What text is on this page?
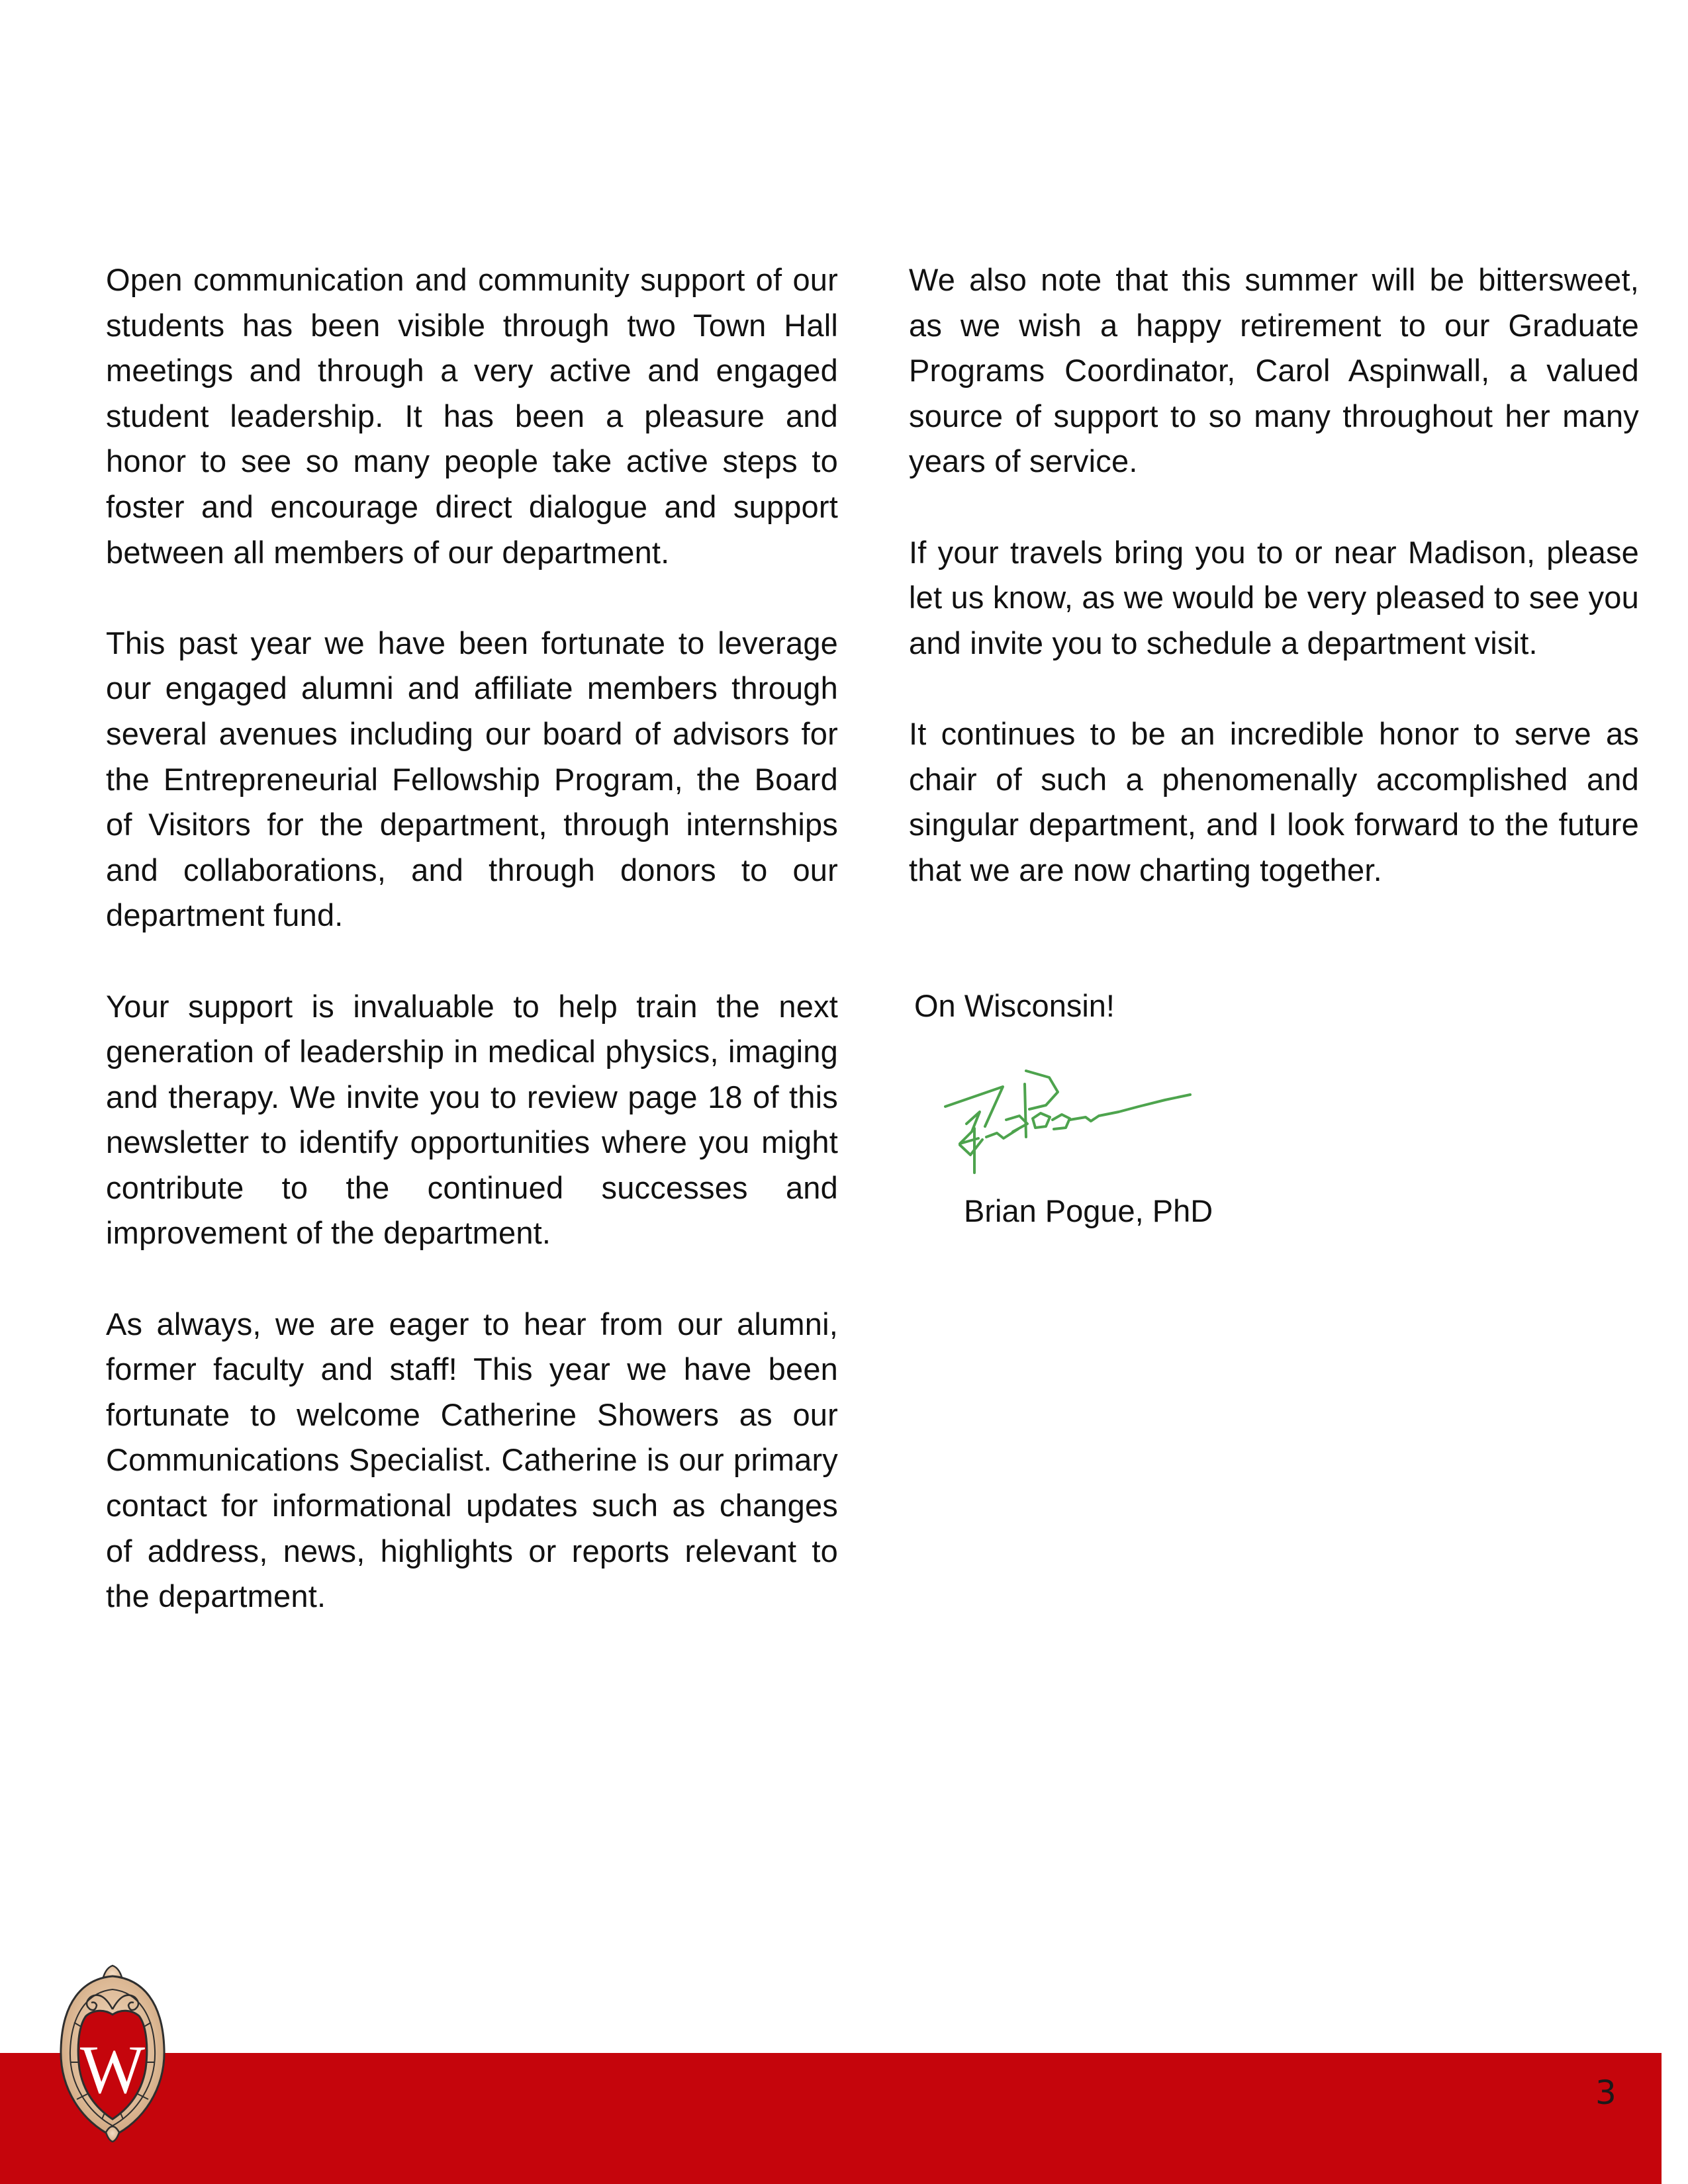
Open communication and community support of our students has been visible through two Town Hall meetings and through a very active and engaged student leadership. It has been a pleasure and honor to see so many people take active steps to foster and encourage direct dialogue and support between all members of our department.

This past year we have been fortunate to leverage our engaged alumni and affiliate members through several avenues including our board of advisors for the Entrepreneurial Fellowship Program, the Board of Visitors for the department, through internships and collaborations, and through donors to our department fund.

Your support is invaluable to help train the next generation of leadership in medical physics, imaging and therapy. We invite you to review page 18 of this newsletter to identify opportunities where you might contribute to the continued successes and improvement of the department.

As always, we are eager to hear from our alumni, former faculty and staff! This year we have been fortunate to welcome Catherine Showers as our Communications Specialist. Catherine is our primary contact for informational updates such as changes of address, news, highlights or reports relevant to the department.

We also note that this summer will be bittersweet, as we wish a happy retirement to our Graduate Programs Coordinator, Carol Aspinwall, a valued source of support to so many throughout her many years of service.

If your travels bring you to or near Madison, please let us know, as we would be very pleased to see you and invite you to schedule a department visit.

It continues to be an incredible honor to serve as chair of such a phenomenally accomplished and singular department, and I look forward to the future that we are now charting together.

On Wisconsin!
Brian Pogue, PhD
W	3
